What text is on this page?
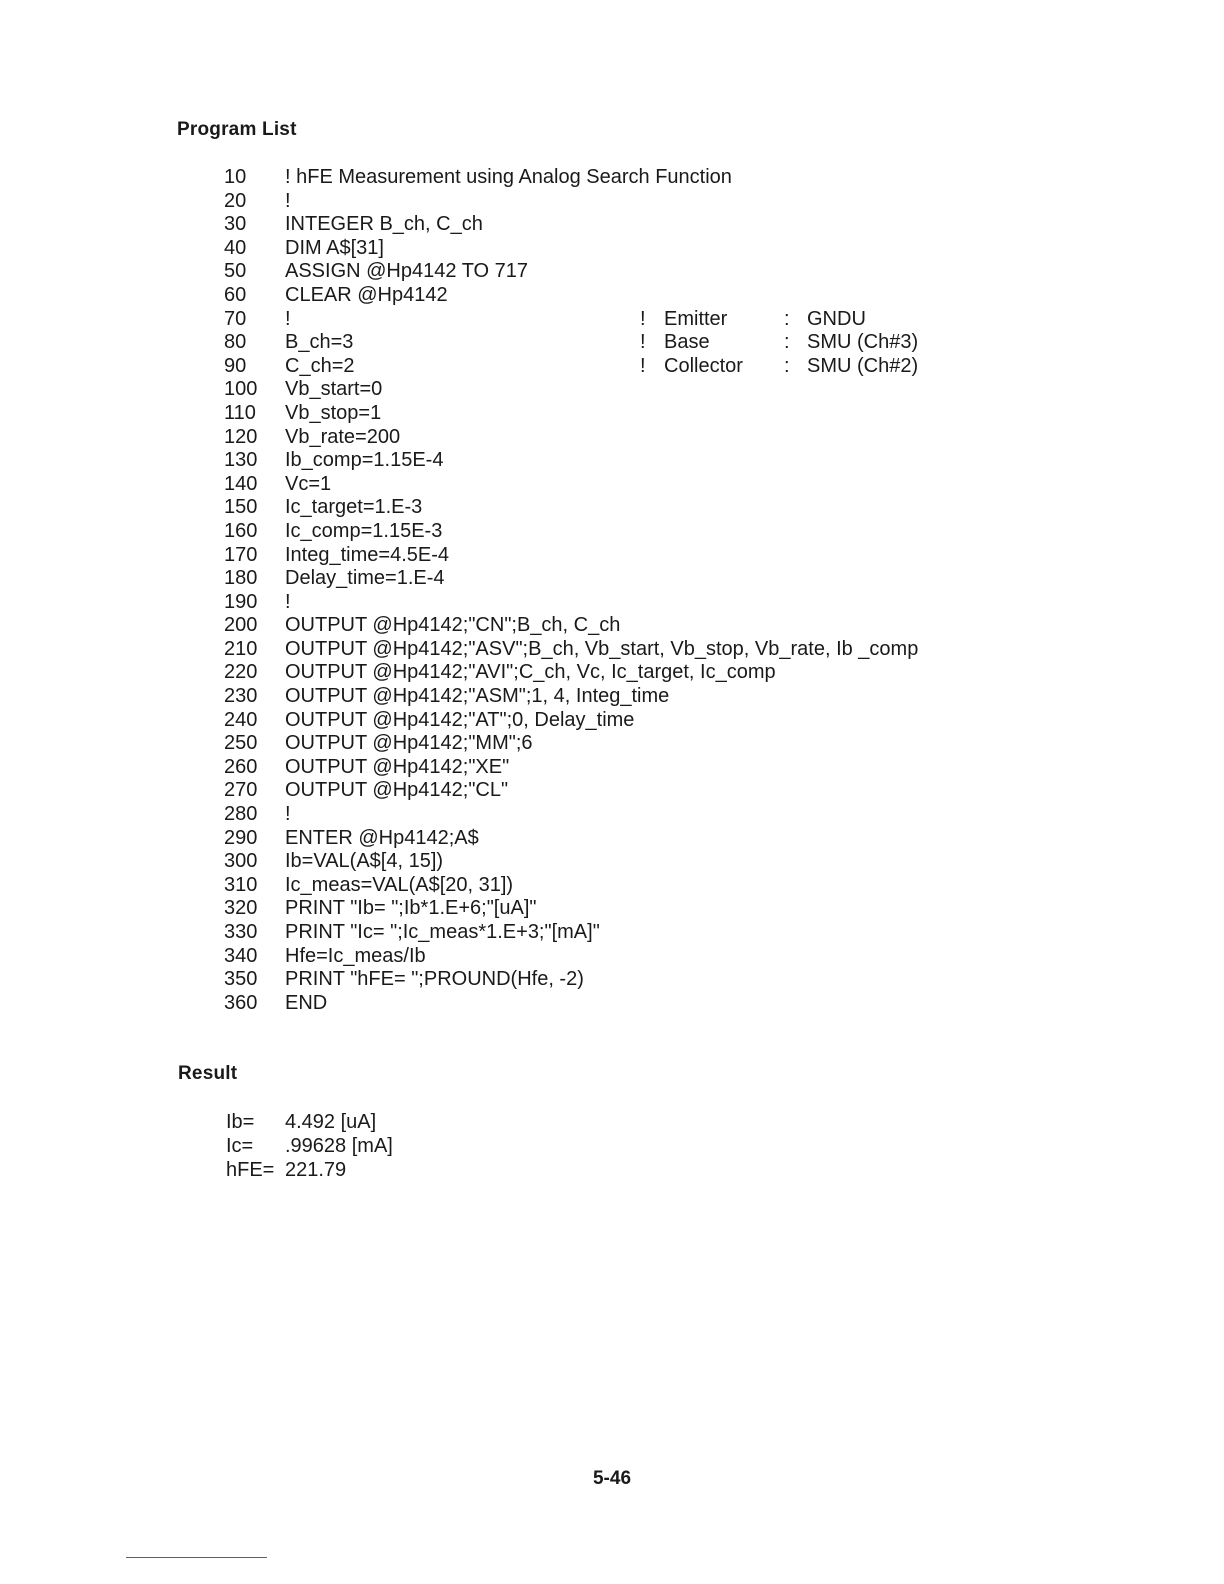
Program List
10	! hFE Measurement using Analog Search Function
20	!
30	INTEGER B_ch, C_ch
40	DIM A$[31]
50	ASSIGN @Hp4142 TO 717
60	CLEAR @Hp4142
70	!	! Emitter	: GNDU
80	B_ch=3	! Base	: SMU (Ch#3)
90	C_ch=2	! Collector : SMU (Ch#2)
100	Vb_start=0
110	Vb_stop=1
120	Vb_rate=200
130	Ib_comp=1.15E-4
140	Vc=1
150	Ic_target=1.E-3
160	Ic_comp=1.15E-3
170	Integ_time=4.5E-4
180	Delay_time=1.E-4
190	!
200	OUTPUT @Hp4142;"CN";B_ch, C_ch
210	OUTPUT @Hp4142;"ASV";B_ch, Vb_start, Vb_stop, Vb_rate, Ib _comp
220	OUTPUT @Hp4142;"AVI";C_ch, Vc, Ic_target, Ic_comp
230	OUTPUT @Hp4142;"ASM";1, 4, Integ_time
240	OUTPUT @Hp4142;"AT";0, Delay_time
250	OUTPUT @Hp4142;"MM";6
260	OUTPUT @Hp4142;"XE"
270	OUTPUT @Hp4142;"CL"
280	!
290	ENTER @Hp4142;A$
300	Ib=VAL(A$[4, 15])
310	Ic_meas=VAL(A$[20, 31])
320	PRINT "Ib= ";Ib*1.E+6;"[uA]"
330	PRINT "Ic= ";Ic_meas*1.E+3;"[mA]"
340	Hfe=Ic_meas/Ib
350	PRINT "hFE= ";PROUND(Hfe, -2)
360	END
Result
Ib= 4.492 [uA]
Ic= .99628 [mA]
hFE= 221.79
5-46
